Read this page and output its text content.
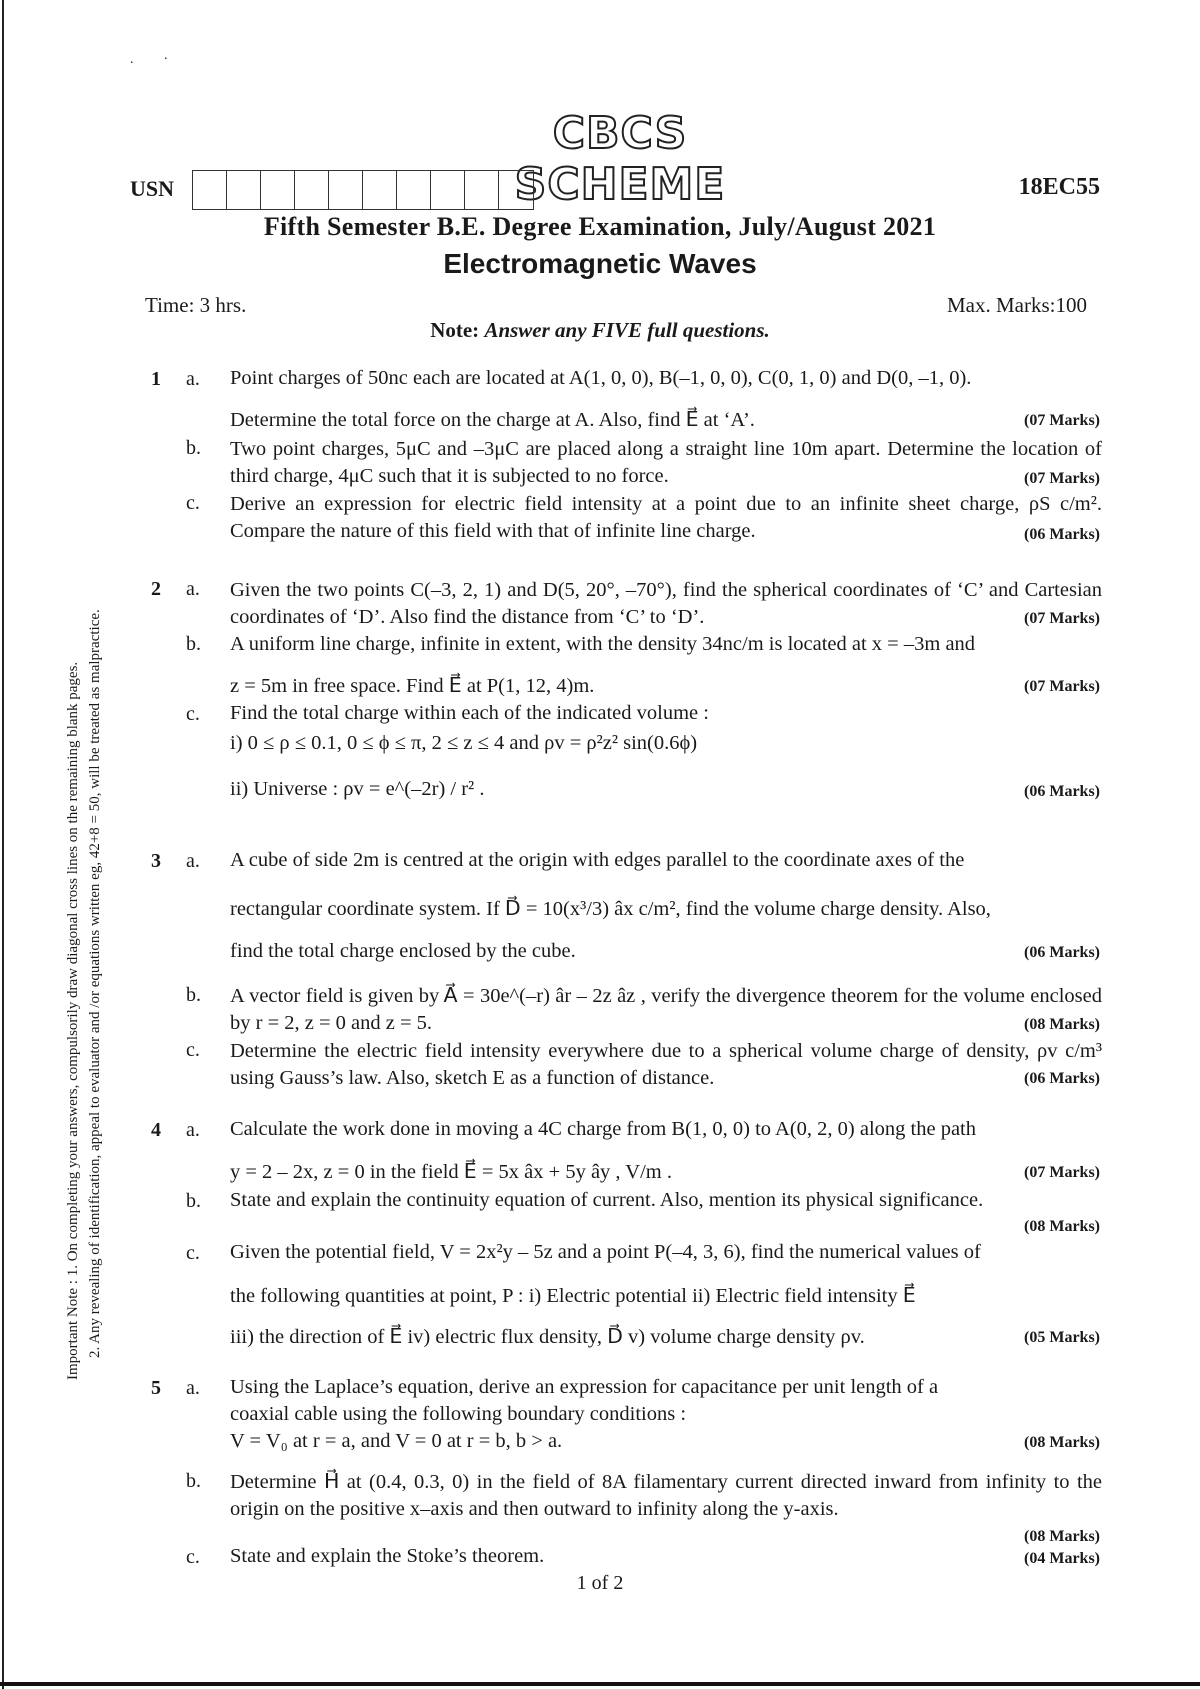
.·
CBCS SCHEME
USN	18EC55
Fifth Semester B.E. Degree Examination, July/August 2021
Electromagnetic Waves
Time: 3 hrs.	Max. Marks:100
Note: Answer any FIVE full questions.
Important Note : 1. On completing your answers, compulsorily draw diagonal cross lines on the remaining blank pages. 2. Any revealing of identification, appeal to evaluator and /or equations written eg, 42+8 = 50, will be treated as malpractice.
1 a. Point charges of 50nc each are located at A(1, 0, 0), B(–1, 0, 0), C(0, 1, 0) and D(0, –1, 0).
Determine the total force on the charge at A. Also, find E⃗ at ‘A’.	(07 Marks)
b. Two point charges, 5μC and –3μC are placed along a straight line 10m apart. Determine the location of third charge, 4μC such that it is subjected to no force.	(07 Marks)
c. Derive an expression for electric field intensity at a point due to an infinite sheet charge, ρS c/m². Compare the nature of this field with that of infinite line charge.	(06 Marks)
2 a. Given the two points C(–3, 2, 1) and D(5, 20°, –70°), find the spherical coordinates of ‘C’ and Cartesian coordinates of ‘D’. Also find the distance from ‘C’ to ‘D’.	(07 Marks)
b. A uniform line charge, infinite in extent, with the density 34nc/m is located at x = –3m and
z = 5m in free space. Find E⃗ at P(1, 12, 4)m.	(07 Marks)
c. Find the total charge within each of the indicated volume :
i) 0 ≤ ρ ≤ 0.1, 0 ≤ ϕ ≤ π, 2 ≤ z ≤ 4 and ρv = ρ²z² sin(0.6ϕ)
ii) Universe : ρv = e^(–2r) / r² .	(06 Marks)
3 a. A cube of side 2m is centred at the origin with edges parallel to the coordinate axes of the
rectangular coordinate system. If D⃗ = 10(x³/3) âx c/m², find the volume charge density. Also,
find the total charge enclosed by the cube.	(06 Marks)
b. A vector field is given by A⃗ = 30e^(–r) âr – 2z âz , verify the divergence theorem for the volume enclosed by r = 2, z = 0 and z = 5.	(08 Marks)
c. Determine the electric field intensity everywhere due to a spherical volume charge of density, ρv c/m³ using Gauss’s law. Also, sketch E as a function of distance.	(06 Marks)
4 a. Calculate the work done in moving a 4C charge from B(1, 0, 0) to A(0, 2, 0) along the path
y = 2 – 2x, z = 0 in the field E⃗ = 5x âx + 5y ây , V/m .	(07 Marks)
b. State and explain the continuity equation of current. Also, mention its physical significance.
(08 Marks)
c. Given the potential field, V = 2x²y – 5z and a point P(–4, 3, 6), find the numerical values of
the following quantities at point, P : i) Electric potential ii) Electric field intensity E⃗
iii) the direction of E⃗ iv) electric flux density, D⃗ v) volume charge density ρv.	(05 Marks)
5 a. Using the Laplace’s equation, derive an expression for capacitance per unit length of a
coaxial cable using the following boundary conditions :
V = V₀ at r = a, and V = 0 at r = b, b > a.	(08 Marks)
b. Determine H⃗ at (0.4, 0.3, 0) in the field of 8A filamentary current directed inward from infinity to the origin on the positive x–axis and then outward to infinity along the y-axis.
(08 Marks)
c. State and explain the Stoke’s theorem.	(04 Marks)
1 of 2
